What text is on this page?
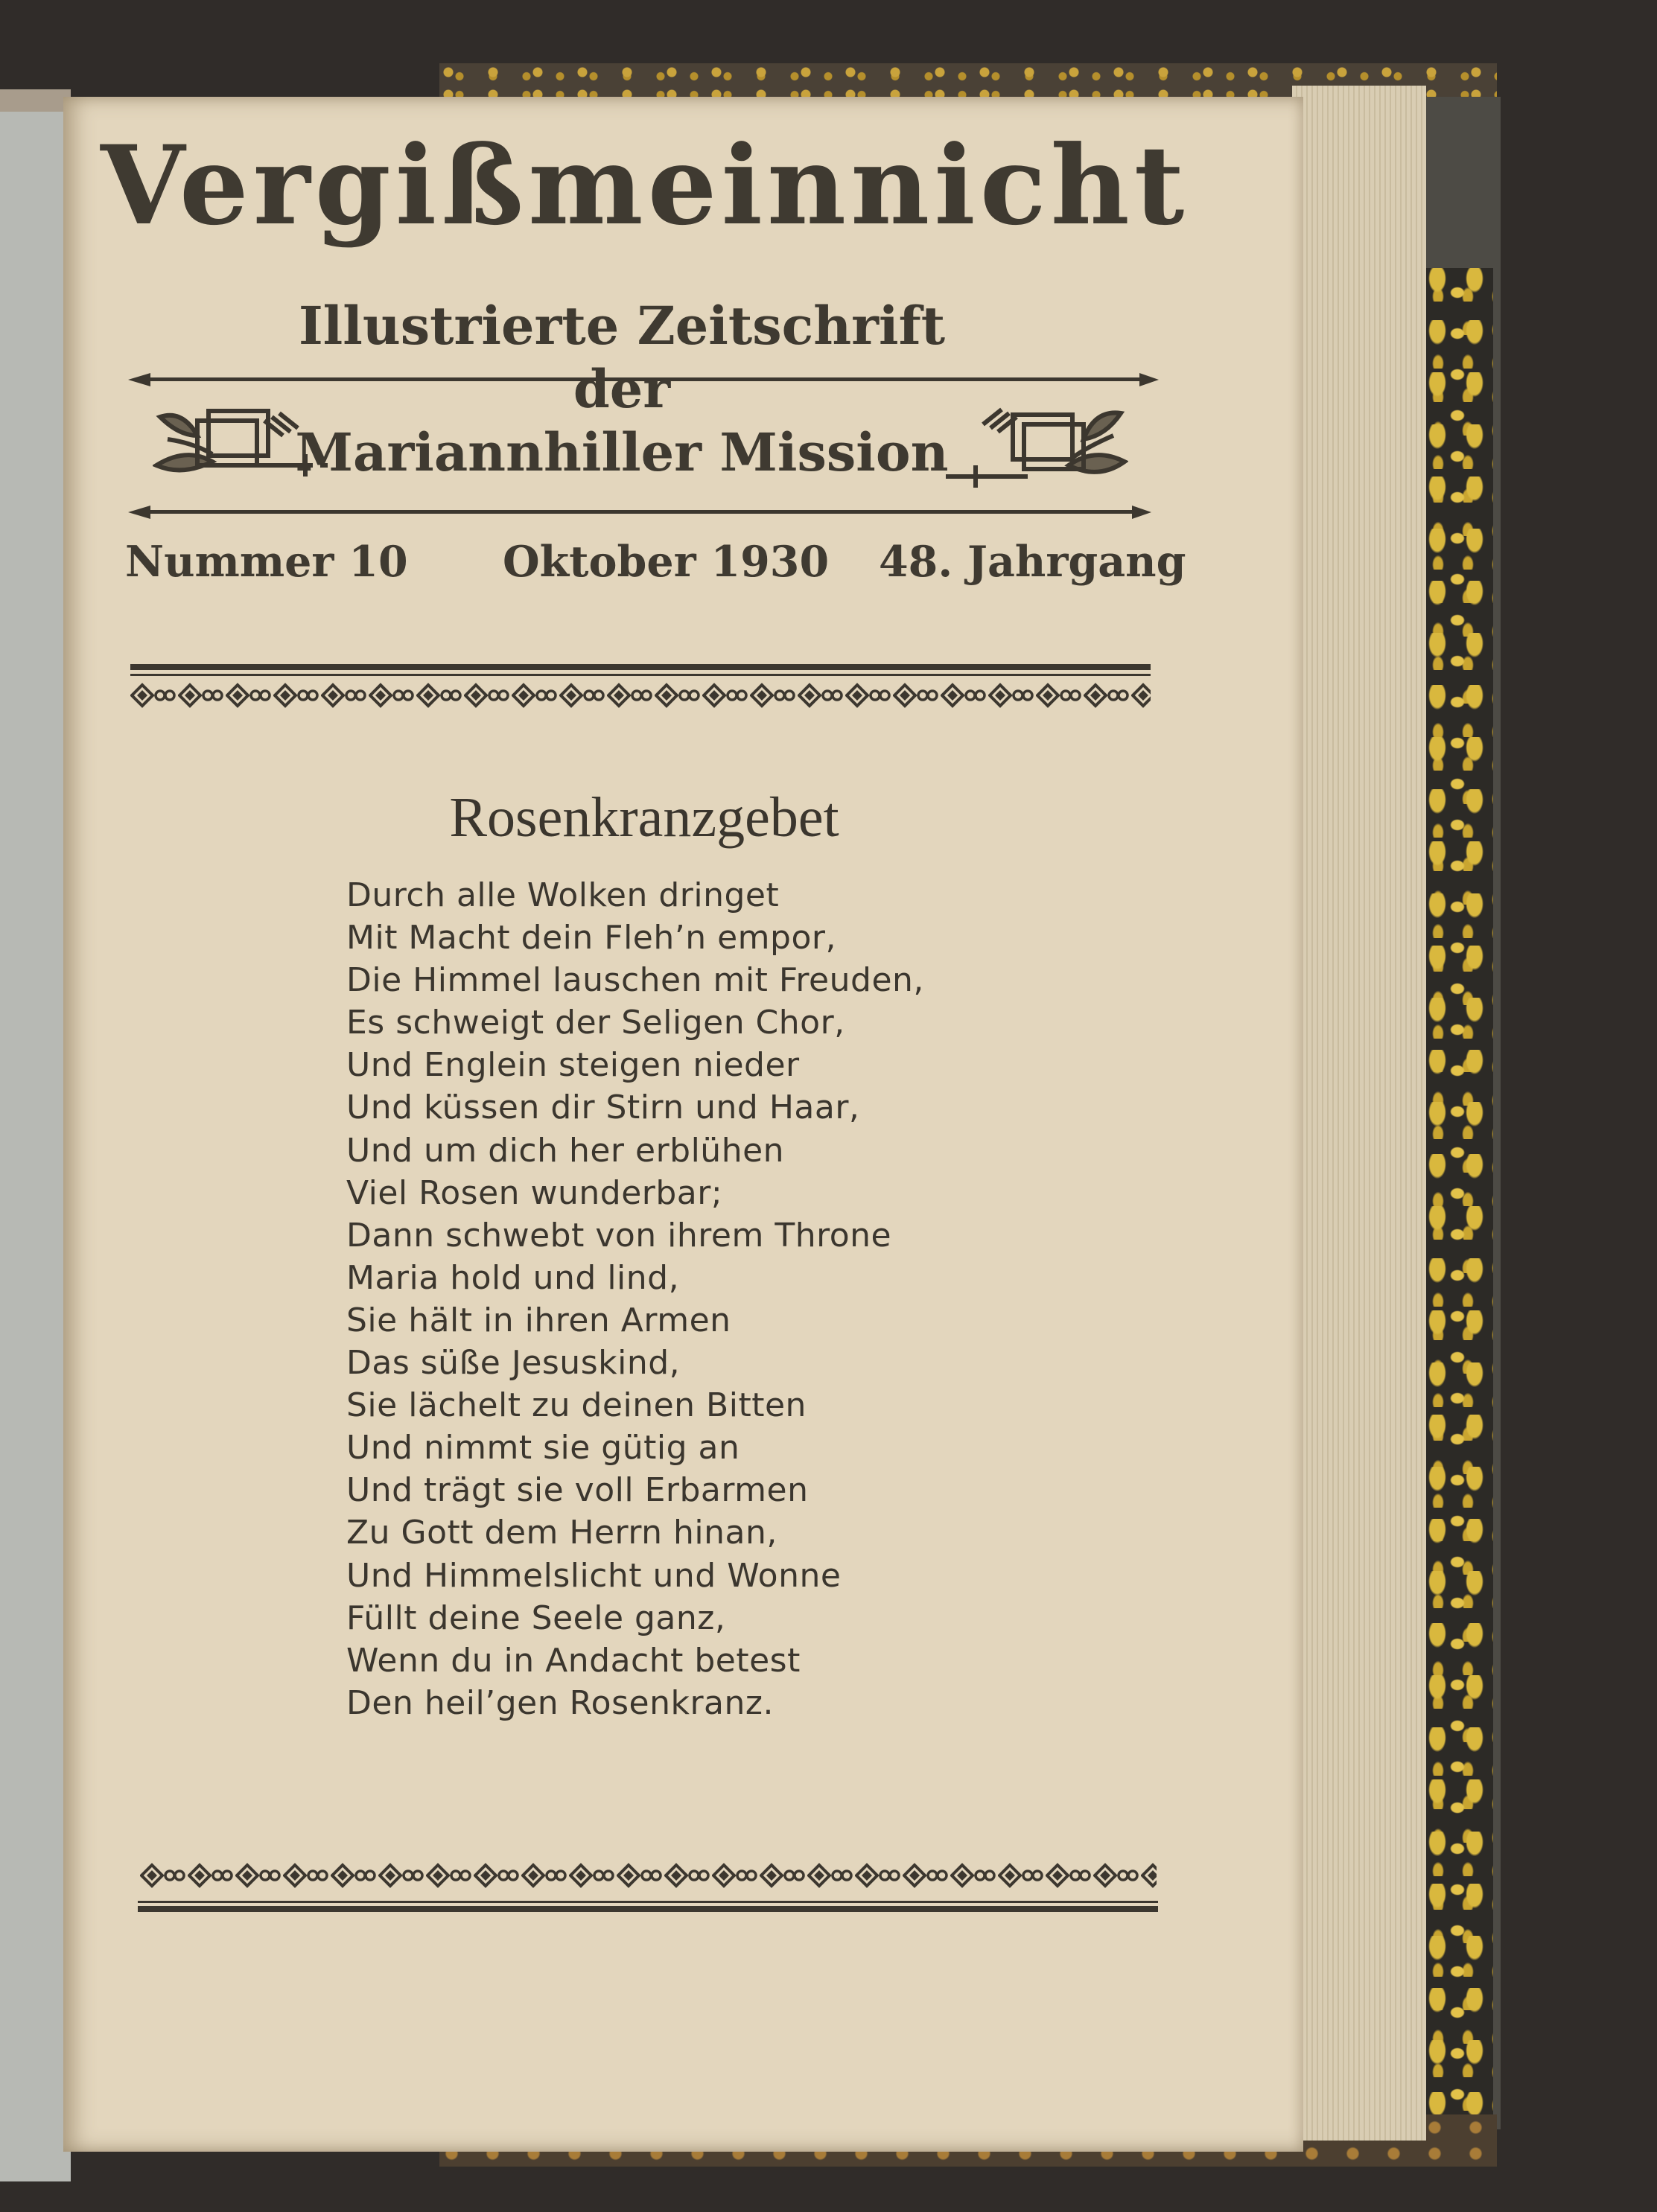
Vergißmeinnicht
Illustrierte Zeitschrift der
Mariannhiller Mission
Nummer 10 Oktober 1930 48. Jahrgang
Rosenkranzgebet
Durch alle Wolken dringet
Mit Macht dein Fleh’n empor,
Die Himmel lauschen mit Freuden,
Es schweigt der Seligen Chor,
Und Englein steigen nieder
Und küssen dir Stirn und Haar,
Und um dich her erblühen
Viel Rosen wunderbar;
Dann schwebt von ihrem Throne
Maria hold und lind,
Sie hält in ihren Armen
Das süße Jesuskind,
Sie lächelt zu deinen Bitten
Und nimmt sie gütig an
Und trägt sie voll Erbarmen
Zu Gott dem Herrn hinan,
Und Himmelslicht und Wonne
Füllt deine Seele ganz,
Wenn du in Andacht betest
Den heil’gen Rosenkranz.
